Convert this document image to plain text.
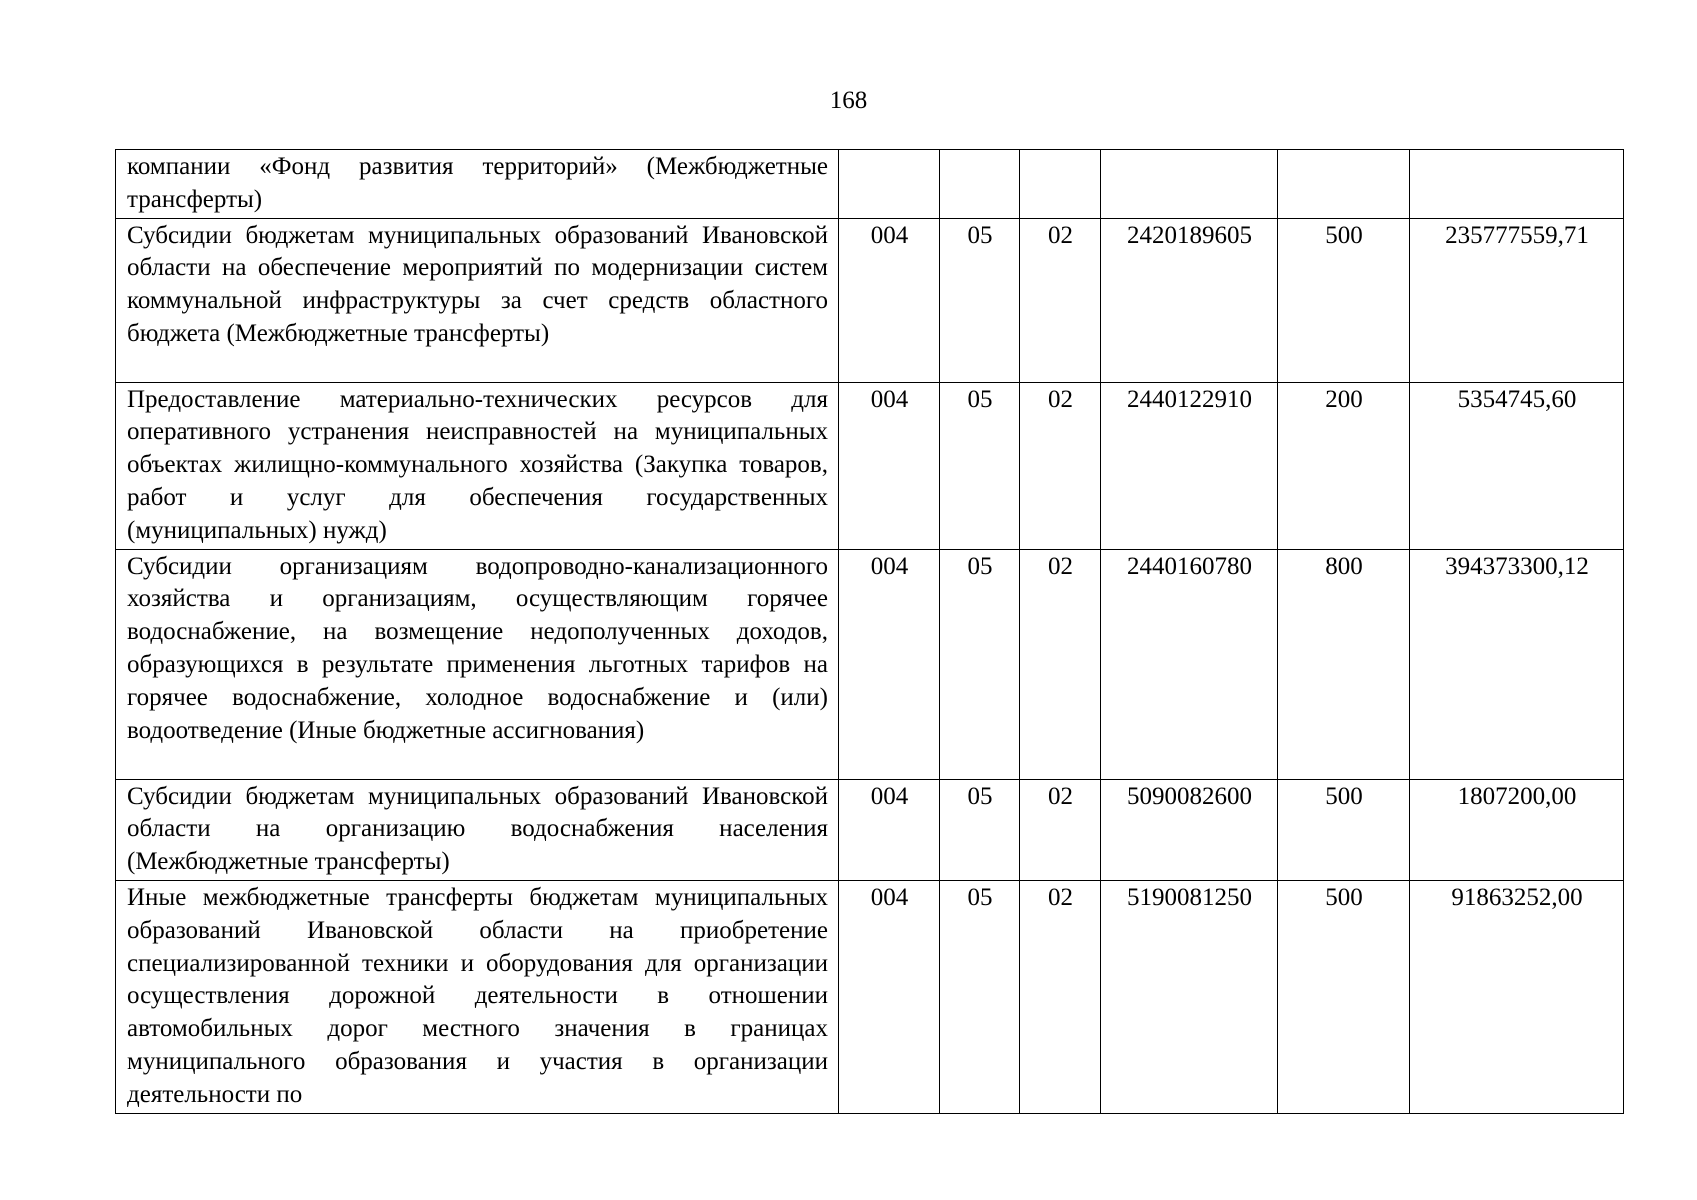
168
компании «Фонд развития территорий» (Межбюджетные трансферты)						
Субсидии бюджетам муниципальных образований Ивановской области на обеспечение мероприятий по модернизации систем коммунальной инфраструктуры за счет средств областного бюджета (Межбюджетные трансферты)	004	05	02	2420189605	500	235777559,71
Предоставление материально-технических ресурсов для оперативного устранения неисправностей на муниципальных объектах жилищно-коммунального хозяйства (Закупка товаров, работ и услуг для обеспечения государственных (муниципальных) нужд)	004	05	02	2440122910	200	5354745,60
Субсидии организациям водопроводно-канализационного хозяйства и организациям, осуществляющим горячее водоснабжение, на возмещение недополученных доходов, образующихся в результате применения льготных тарифов на горячее водоснабжение, холодное водоснабжение и (или) водоотведение (Иные бюджетные ассигнования)	004	05	02	2440160780	800	394373300,12
Субсидии бюджетам муниципальных образований Ивановской области на организацию водоснабжения населения (Межбюджетные трансферты)	004	05	02	5090082600	500	1807200,00
Иные межбюджетные трансферты бюджетам муниципальных образований Ивановской области на приобретение специализированной техники и оборудования для организации осуществления дорожной деятельности в отношении автомобильных дорог местного значения в границах муниципального образования и участия в организации деятельности по	004	05	02	5190081250	500	91863252,00
